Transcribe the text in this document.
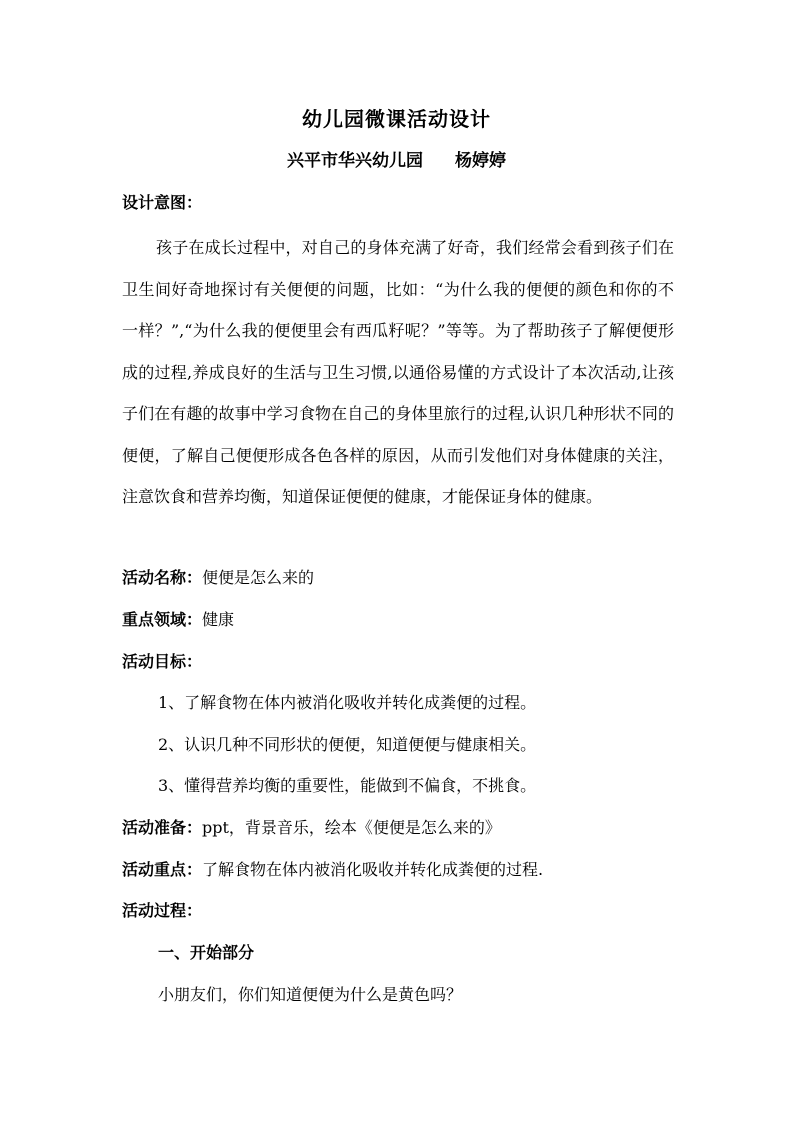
幼儿园微课活动设计
兴平市华兴幼儿园 杨婷婷
设计意图：

孩子在成长过程中，对自己的身体充满了好奇，我们经常会看到孩子们在卫生间好奇地探讨有关便便的问题，比如：“为什么我的便便的颜色和你的不一样？”,“为什么我的便便里会有西瓜籽呢？”等等。为了帮助孩子了解便便形成的过程,养成良好的生活与卫生习惯,以通俗易懂的方式设计了本次活动,让孩子们在有趣的故事中学习食物在自己的身体里旅行的过程,认识几种形状不同的便便，了解自己便便形成各色各样的原因，从而引发他们对身体健康的关注，注意饮食和营养均衡，知道保证便便的健康，才能保证身体的健康。

活动名称：便便是怎么来的
重点领域：健康
活动目标：
1、了解食物在体内被消化吸收并转化成粪便的过程。
2、认识几种不同形状的便便，知道便便与健康相关。
3、懂得营养均衡的重要性，能做到不偏食，不挑食。
活动准备：ppt，背景音乐，绘本《便便是怎么来的》
活动重点：了解食物在体内被消化吸收并转化成粪便的过程.
活动过程：
一、开始部分
小朋友们，你们知道便便为什么是黄色吗？
